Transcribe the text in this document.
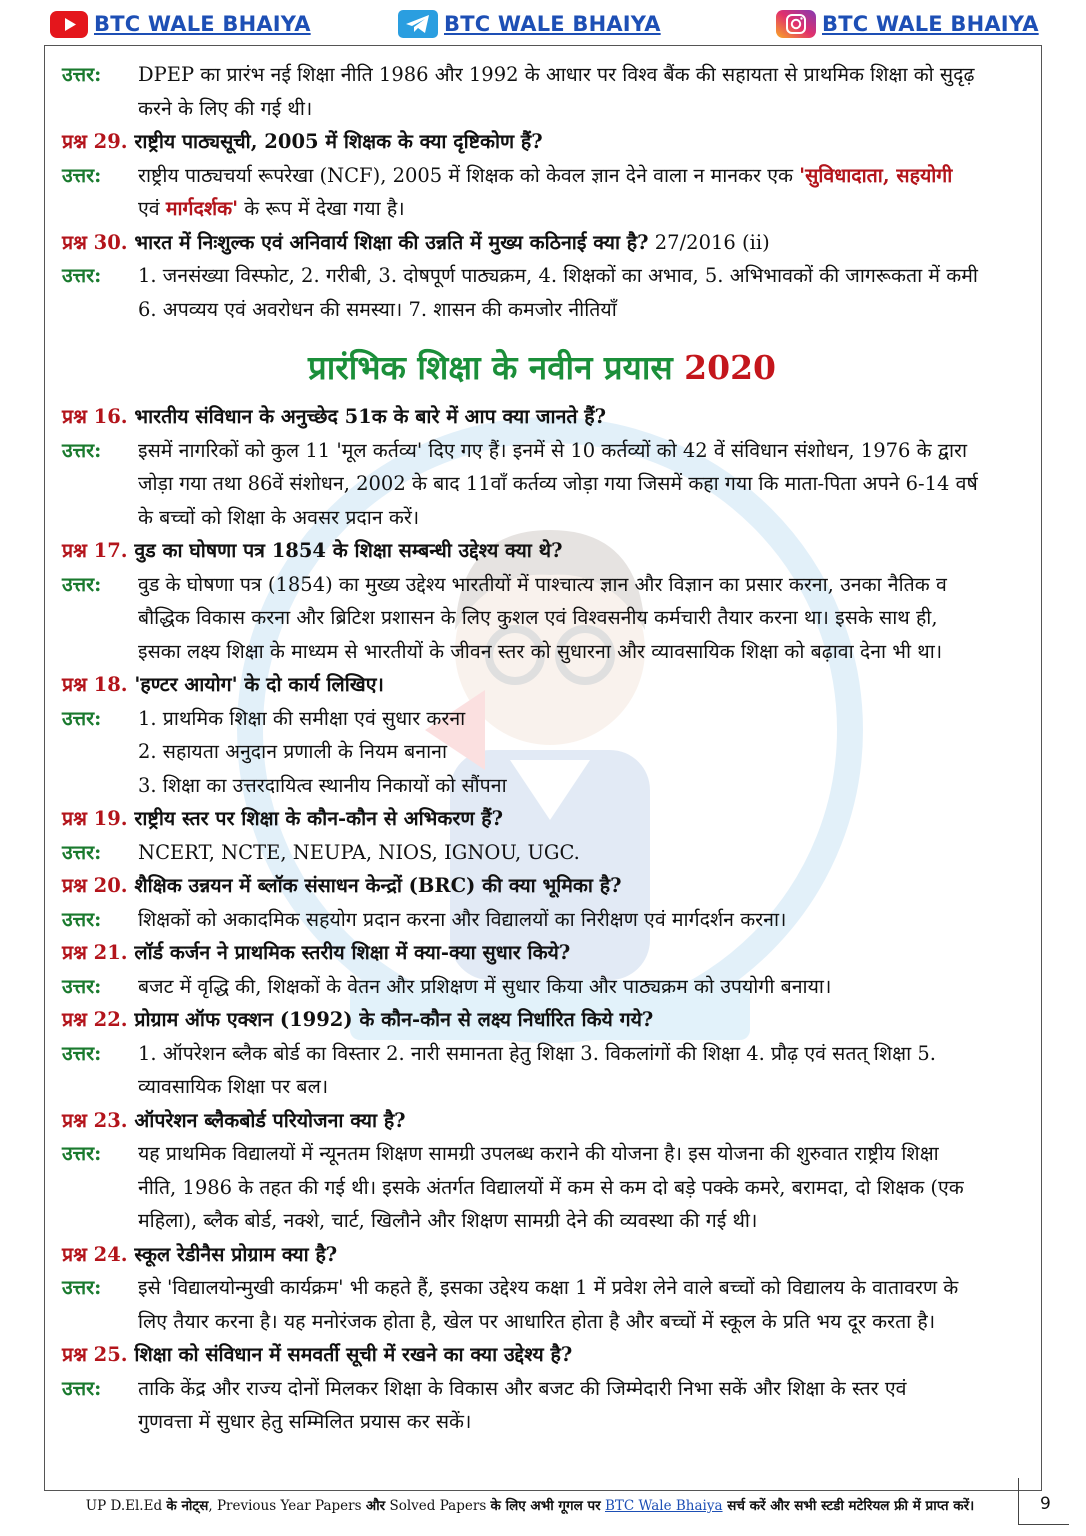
BTC WALE BHAIYA	BTC WALE BHAIYA	BTC WALE BHAIYA
उत्तर:	DPEP का प्रारंभ नई शिक्षा नीति 1986 और 1992 के आधार पर विश्व बैंक की सहायता से प्राथमिक शिक्षा को सुदृढ़
करने के लिए की गई थी।
प्रश्न 29. राष्ट्रीय पाठ्यसूची, 2005 में शिक्षक के क्या दृष्टिकोण हैं?
उत्तर:	राष्ट्रीय पाठ्यचर्या रूपरेखा (NCF), 2005 में शिक्षक को केवल ज्ञान देने वाला न मानकर एक 'सुविधादाता, सहयोगी
एवं मार्गदर्शक' के रूप में देखा गया है।
प्रश्न 30. भारत में निःशुल्क एवं अनिवार्य शिक्षा की उन्नति में मुख्य कठिनाई क्या है? 27/2016 (ii)
उत्तर:	1. जनसंख्या विस्फोट, 2. गरीबी, 3. दोषपूर्ण पाठ्यक्रम, 4. शिक्षकों का अभाव, 5. अभिभावकों की जागरूकता में कमी
6. अपव्यय एवं अवरोधन की समस्या। 7. शासन की कमजोर नीतियाँ
प्रारंभिक शिक्षा के नवीन प्रयास 2020
प्रश्न 16. भारतीय संविधान के अनुच्छेद 51क के बारे में आप क्या जानते हैं?
उत्तर:	इसमें नागरिकों को कुल 11 'मूल कर्तव्य' दिए गए हैं। इनमें से 10 कर्तव्यों को 42 वें संविधान संशोधन, 1976 के द्वारा
जोड़ा गया तथा 86वें संशोधन, 2002 के बाद 11वाँ कर्तव्य जोड़ा गया जिसमें कहा गया कि माता-पिता अपने 6-14 वर्ष
के बच्चों को शिक्षा के अवसर प्रदान करें।
प्रश्न 17. वुड का घोषणा पत्र 1854 के शिक्षा सम्बन्धी उद्देश्य क्या थे?
उत्तर:	वुड के घोषणा पत्र (1854) का मुख्य उद्देश्य भारतीयों में पाश्चात्य ज्ञान और विज्ञान का प्रसार करना, उनका नैतिक व
बौद्धिक विकास करना और ब्रिटिश प्रशासन के लिए कुशल एवं विश्वसनीय कर्मचारी तैयार करना था। इसके साथ ही,
इसका लक्ष्य शिक्षा के माध्यम से भारतीयों के जीवन स्तर को सुधारना और व्यावसायिक शिक्षा को बढ़ावा देना भी था।
प्रश्न 18. 'हण्टर आयोग' के दो कार्य लिखिए।
उत्तर:	1. प्राथमिक शिक्षा की समीक्षा एवं सुधार करना
2. सहायता अनुदान प्रणाली के नियम बनाना
3. शिक्षा का उत्तरदायित्व स्थानीय निकायों को सौंपना
प्रश्न 19. राष्ट्रीय स्तर पर शिक्षा के कौन-कौन से अभिकरण हैं?
उत्तर:	NCERT, NCTE, NEUPA, NIOS, IGNOU, UGC.
प्रश्न 20. शैक्षिक उन्नयन में ब्लॉक संसाधन केन्द्रों (BRC) की क्या भूमिका है?
उत्तर:	शिक्षकों को अकादमिक सहयोग प्रदान करना और विद्यालयों का निरीक्षण एवं मार्गदर्शन करना।
प्रश्न 21. लॉर्ड कर्जन ने प्राथमिक स्तरीय शिक्षा में क्या-क्या सुधार किये?
उत्तर:	बजट में वृद्धि की, शिक्षकों के वेतन और प्रशिक्षण में सुधार किया और पाठ्यक्रम को उपयोगी बनाया।
प्रश्न 22. प्रोग्राम ऑफ एक्शन (1992) के कौन-कौन से लक्ष्य निर्धारित किये गये?
उत्तर:	1. ऑपरेशन ब्लैक बोर्ड का विस्तार 2. नारी समानता हेतु शिक्षा 3. विकलांगों की शिक्षा 4. प्रौढ़ एवं सतत् शिक्षा 5.
व्यावसायिक शिक्षा पर बल।
प्रश्न 23. ऑपरेशन ब्लैकबोर्ड परियोजना क्या है?
उत्तर:	यह प्राथमिक विद्यालयों में न्यूनतम शिक्षण सामग्री उपलब्ध कराने की योजना है। इस योजना की शुरुवात राष्ट्रीय शिक्षा
नीति, 1986 के तहत की गई थी। इसके अंतर्गत विद्यालयों में कम से कम दो बड़े पक्के कमरे, बरामदा, दो शिक्षक (एक
महिला), ब्लैक बोर्ड, नक्शे, चार्ट, खिलौने और शिक्षण सामग्री देने की व्यवस्था की गई थी।
प्रश्न 24. स्कूल रेडीनैस प्रोग्राम क्या है?
उत्तर:	इसे 'विद्यालयोन्मुखी कार्यक्रम' भी कहते हैं, इसका उद्देश्य कक्षा 1 में प्रवेश लेने वाले बच्चों को विद्यालय के वातावरण के
लिए तैयार करना है। यह मनोरंजक होता है, खेल पर आधारित होता है और बच्चों में स्कूल के प्रति भय दूर करता है।
प्रश्न 25. शिक्षा को संविधान में समवर्ती सूची में रखने का क्या उद्देश्य है?
उत्तर:	ताकि केंद्र और राज्य दोनों मिलकर शिक्षा के विकास और बजट की जिम्मेदारी निभा सकें और शिक्षा के स्तर एवं
गुणवत्ता में सुधार हेतु सम्मिलित प्रयास कर सकें।
UP D.El.Ed के नोट्स, Previous Year Papers और Solved Papers के लिए अभी गूगल पर BTC Wale Bhaiya सर्च करें और सभी स्टडी मटेरियल फ्री में प्राप्त करें।	9
